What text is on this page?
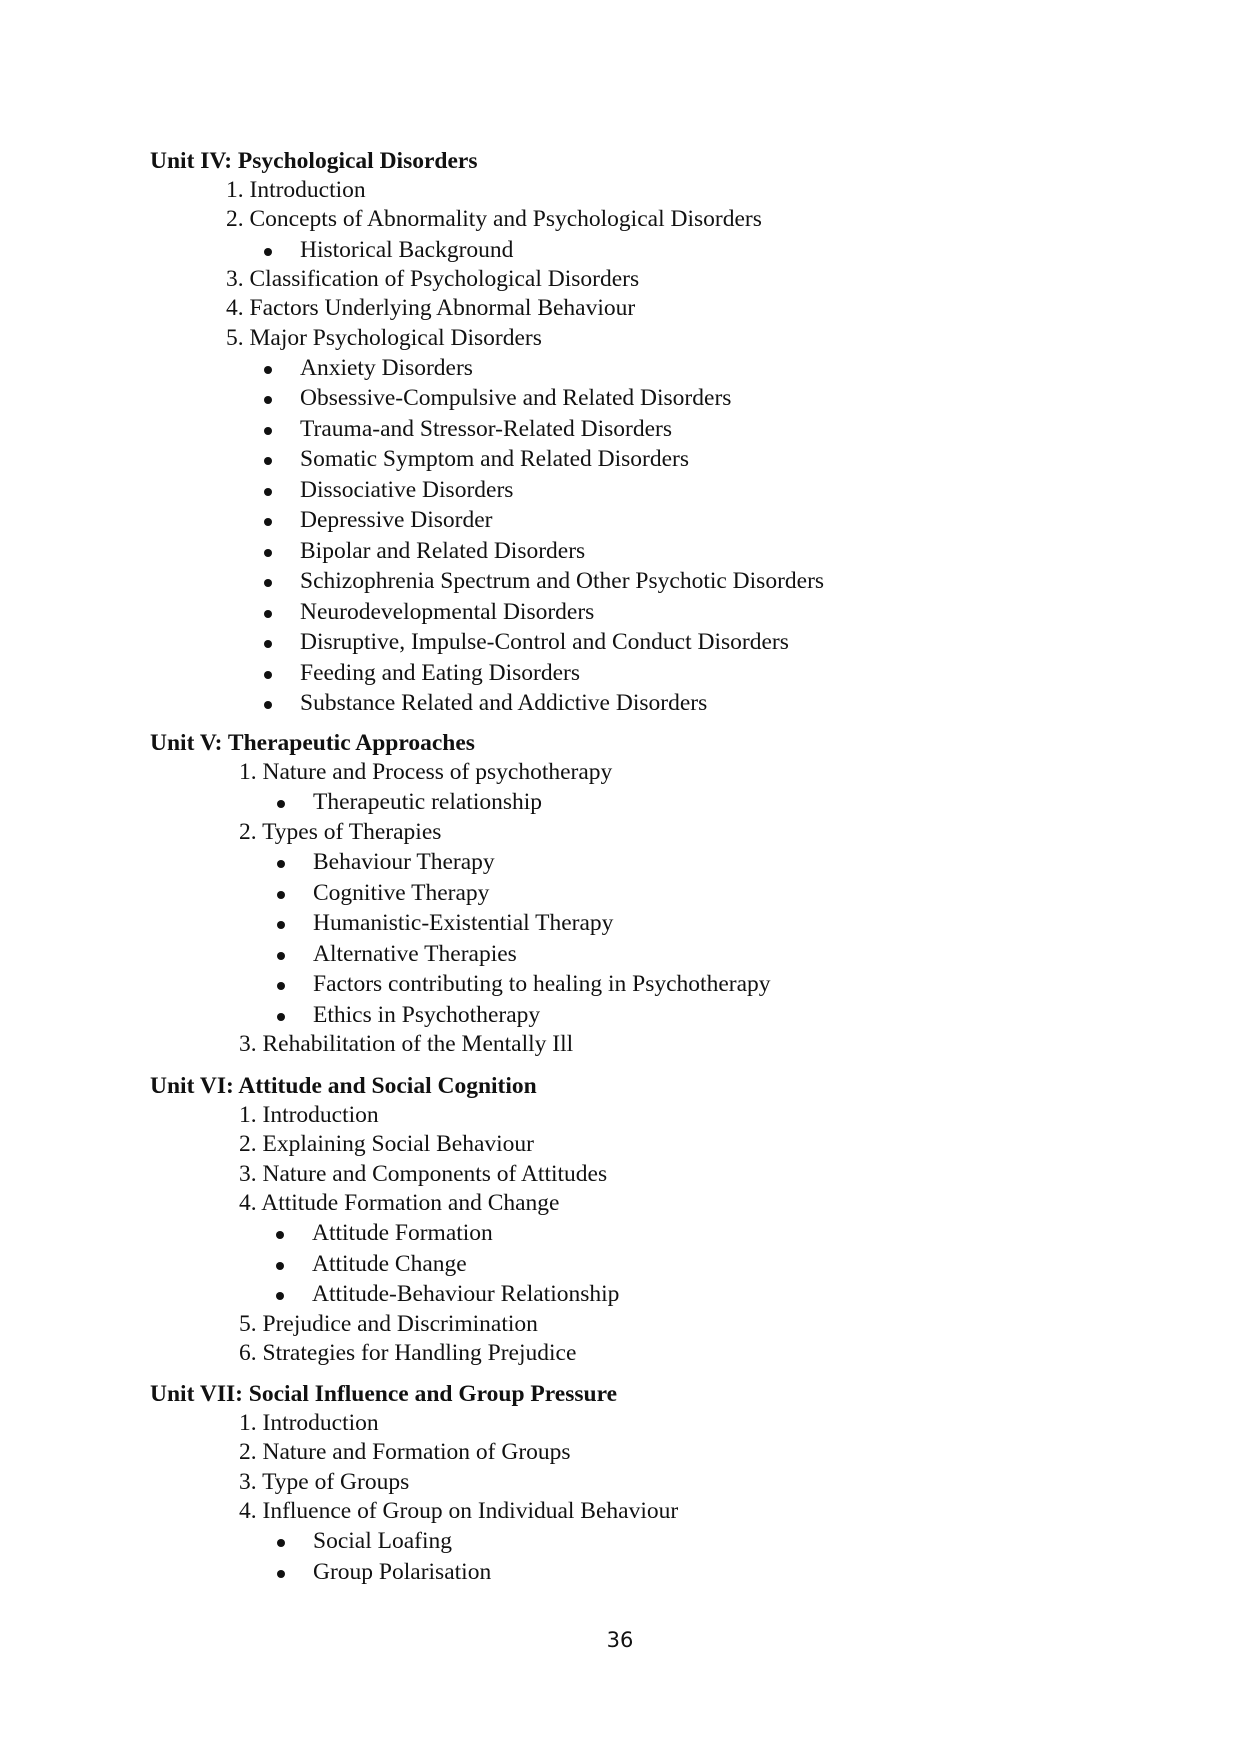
Unit IV: Psychological Disorders
1. Introduction
2. Concepts of Abnormality and Psychological Disorders
Historical Background
3. Classification of Psychological Disorders
4. Factors Underlying Abnormal Behaviour
5. Major Psychological Disorders
Anxiety Disorders
Obsessive-Compulsive and Related Disorders
Trauma-and Stressor-Related Disorders
Somatic Symptom and Related Disorders
Dissociative Disorders
Depressive Disorder
Bipolar and Related Disorders
Schizophrenia Spectrum and Other Psychotic Disorders
Neurodevelopmental Disorders
Disruptive, Impulse-Control and Conduct Disorders
Feeding and Eating Disorders
Substance Related and Addictive Disorders
Unit V: Therapeutic Approaches
1. Nature and Process of psychotherapy
Therapeutic relationship
2. Types of Therapies
Behaviour Therapy
Cognitive Therapy
Humanistic-Existential Therapy
Alternative Therapies
Factors contributing to healing in Psychotherapy
Ethics in Psychotherapy
3. Rehabilitation of the Mentally Ill
Unit VI: Attitude and Social Cognition
1. Introduction
2. Explaining Social Behaviour
3. Nature and Components of Attitudes
4. Attitude Formation and Change
Attitude Formation
Attitude Change
Attitude-Behaviour Relationship
5. Prejudice and Discrimination
6. Strategies for Handling Prejudice
Unit VII: Social Influence and Group Pressure
1. Introduction
2. Nature and Formation of Groups
3. Type of Groups
4. Influence of Group on Individual Behaviour
Social Loafing
Group Polarisation
36
